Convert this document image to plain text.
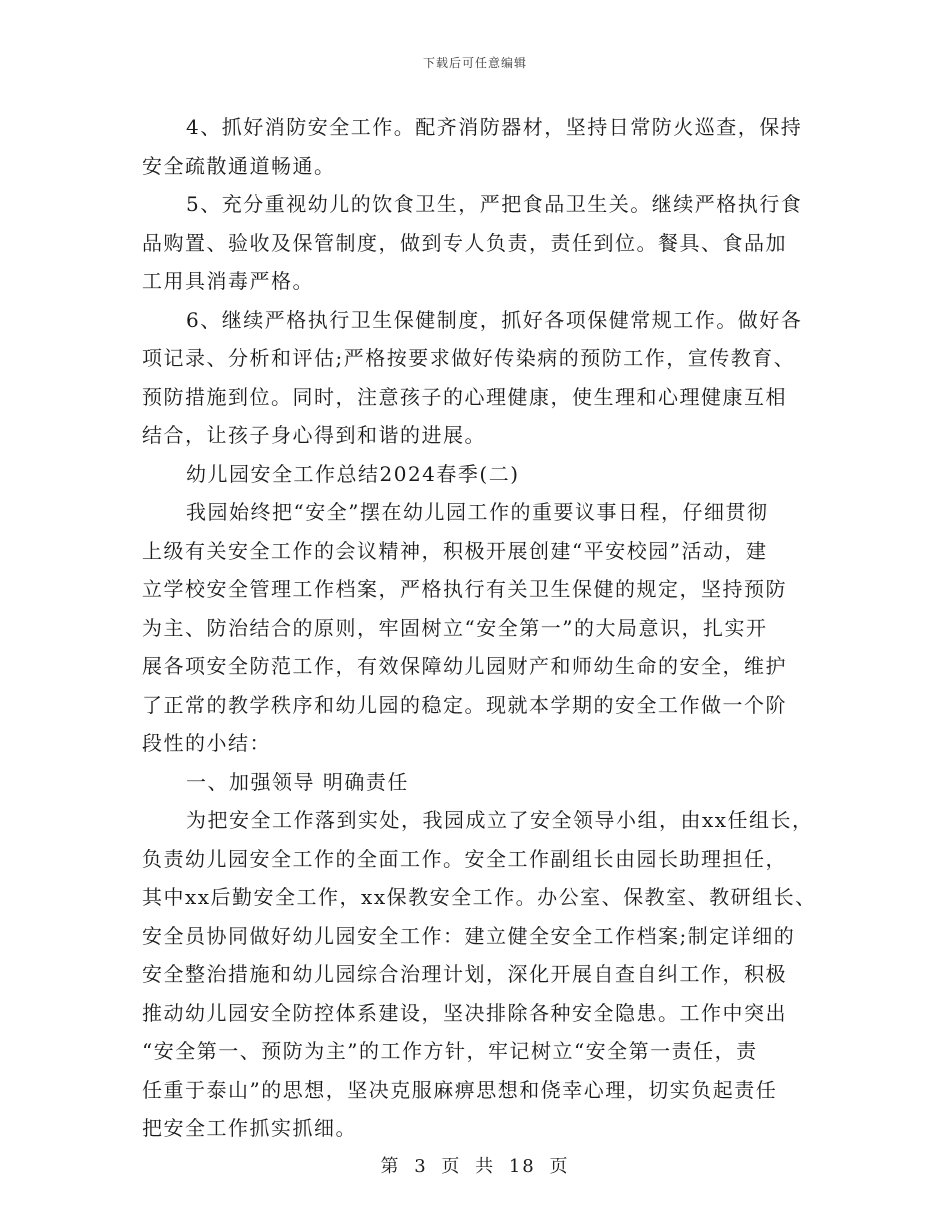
下载后可任意编辑
4、抓好消防安全工作。配齐消防器材，坚持日常防火巡查，保持
安全疏散通道畅通。
5、充分重视幼儿的饮食卫生，严把食品卫生关。继续严格执行食
品购置、验收及保管制度，做到专人负责，责任到位。餐具、食品加
工用具消毒严格。
6、继续严格执行卫生保健制度，抓好各项保健常规工作。做好各
项记录、分析和评估;严格按要求做好传染病的预防工作，宣传教育、
预防措施到位。同时，注意孩子的心理健康，使生理和心理健康互相
结合，让孩子身心得到和谐的进展。
幼儿园安全工作总结2024春季(二)
我园始终把“安全”摆在幼儿园工作的重要议事日程，仔细贯彻
上级有关安全工作的会议精神，积极开展创建“平安校园”活动，建
立学校安全管理工作档案，严格执行有关卫生保健的规定，坚持预防
为主、防治结合的原则，牢固树立“安全第一”的大局意识，扎实开
展各项安全防范工作，有效保障幼儿园财产和师幼生命的安全，维护
了正常的教学秩序和幼儿园的稳定。现就本学期的安全工作做一个阶
段性的小结：
一、加强领导 明确责任
为把安全工作落到实处，我园成立了安全领导小组，由xx任组长，
负责幼儿园安全工作的全面工作。安全工作副组长由园长助理担任，
其中xx后勤安全工作，xx保教安全工作。办公室、保教室、教研组长、
安全员协同做好幼儿园安全工作：建立健全安全工作档案;制定详细的
安全整治措施和幼儿园综合治理计划，深化开展自查自纠工作，积极
推动幼儿园安全防控体系建设，坚决排除各种安全隐患。工作中突出
“安全第一、预防为主”的工作方针，牢记树立“安全第一责任，责
任重于泰山”的思想，坚决克服麻痹思想和侥幸心理，切实负起责任
把安全工作抓实抓细。
第 3 页 共 18 页
